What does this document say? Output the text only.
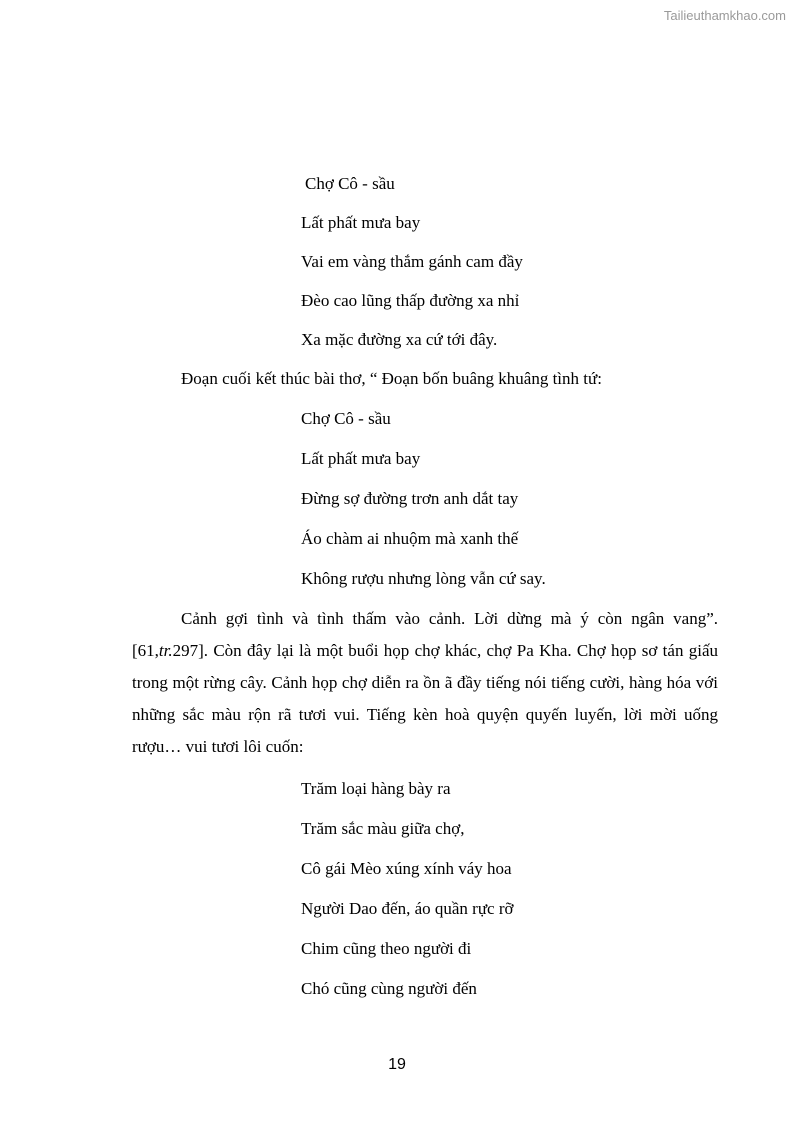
Tailieuthamkhao.com
Chợ Cô - sầu
Lất phất mưa bay
Vai em vàng thắm gánh cam đầy
Đèo cao lũng thấp đường xa nhỉ
Xa mặc đường xa cứ tới đây.
Đoạn cuối kết thúc bài thơ, “ Đoạn bốn buâng khuâng tình tứ:
Chợ Cô - sầu
Lất phất mưa bay
Đừng sợ đường trơn anh dắt tay
Áo chàm ai nhuộm mà xanh thế
Không rượu nhưng lòng vẫn cứ say.
Cảnh gợi tình và tình thấm vào cảnh. Lời dừng mà ý còn ngân vang”. [61,tr.297]. Còn đây lại là một buổi họp chợ khác, chợ Pa Kha. Chợ họp sơ tán giấu trong một rừng cây. Cảnh họp chợ diễn ra ồn ã đầy tiếng nói tiếng cười, hàng hóa với những sắc màu rộn rã tươi vui. Tiếng kèn hoà quyện quyến luyến, lời mời uống rượu… vui tươi lôi cuốn:
Trăm loại hàng bày ra
Trăm sắc màu giữa chợ,
Cô gái Mèo xúng xính váy hoa
Người Dao đến, áo quần rực rỡ
Chim cũng theo người đi
Chó cũng cùng người đến
19
